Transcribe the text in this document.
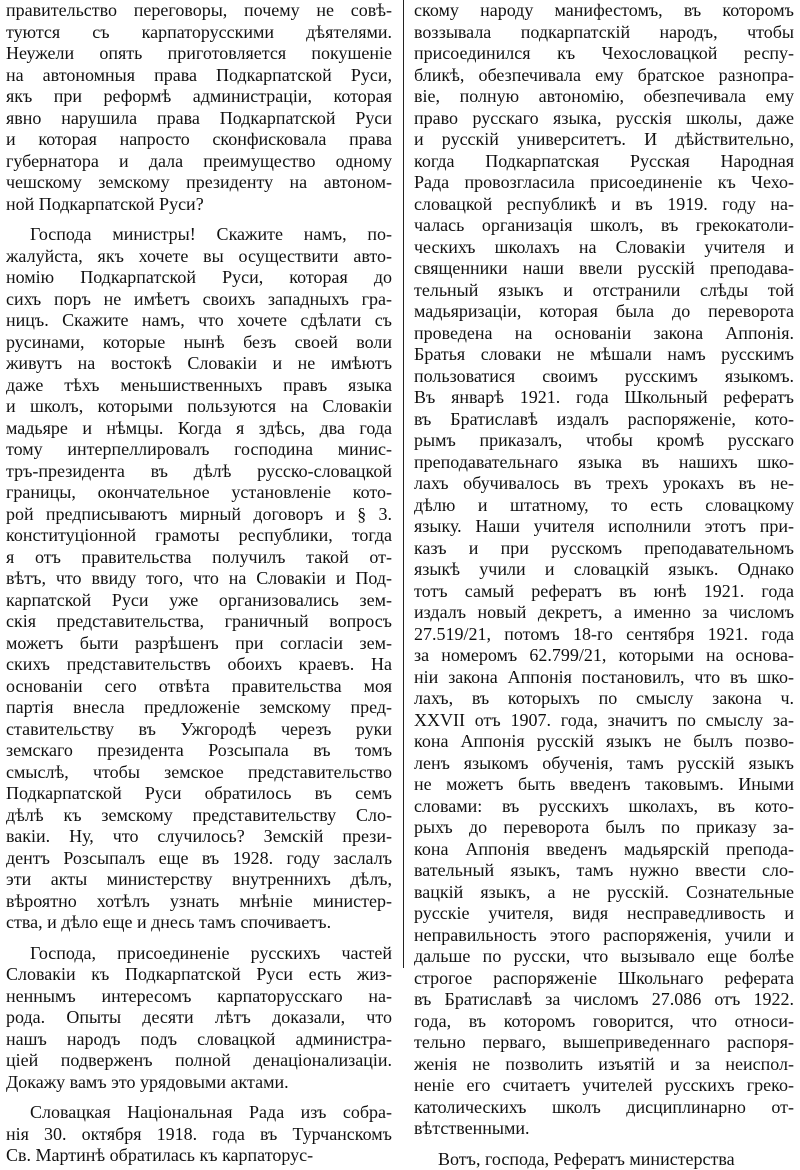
правительство переговоры, почему не совѣ-
туются съ карпаторусскими дѣятелями.
Неужели опять приготовляется покушеніе
на автономныя права Подкарпатской Руси,
якъ при реформѣ администраціи, которая
явно нарушила права Подкарпатской Руси
и которая напросто сконфисковала права
губернатора и дала преимущество одному
чешскому земскому президенту на автоном-
ной Подкарпатской Руси?

Господа министры! Скажите намъ, по-
жалуйста, якъ хочете вы осуществити авто-
номію Подкарпатской Руси, которая до
сихъ поръ не имѣетъ своихъ западныхъ гра-
ницъ. Скажите намъ, что хочете сдѣлати съ
русинами, которые нынѣ безъ своей воли
живутъ на востокѣ Словакіи и не имѣютъ
даже тѣхъ меньшиственныхъ правъ языка
и школъ, которыми пользуются на Словакіи
мадьяре и нѣмцы. Когда я здѣсь, два года
тому интерпеллировалъ господина минис-
тръ-президента въ дѣлѣ русско-словацкой
границы, окончательное установленіе кото-
рой предписываютъ мирный договоръ и § 3.
конституціонной грамоты республики, тогда
я отъ правительства получилъ такой от-
вѣтъ, что ввиду того, что на Словакіи и Под-
карпатской Руси уже организовались зем-
скія представительства, граничный вопросъ
можетъ быти разрѣшенъ при согласіи зем-
скихъ представительствъ обоихъ краевъ. На
основаніи сего отвѣта правительства моя
партія внесла предложеніе земскому пред-
ставительству въ Ужгородѣ черезъ руки
земскаго президента Розсыпала въ томъ
смыслѣ, чтобы земское представительство
Подкарпатской Руси обратилось въ семъ
дѣлѣ къ земскому представительству Сло-
вакіи. Ну, что случилось? Земскій прези-
дентъ Розсыпалъ еще въ 1928. году заслалъ
эти акты министерству внутреннихъ дѣлъ,
вѣроятно хотѣлъ узнать мнѣніе министер-
ства, и дѣло еще и днесь тамъ спочиваетъ.

Господа, присоединеніе русскихъ частей
Словакіи къ Подкарпатской Руси есть жиз-
неннымъ интересомъ карпаторусскаго на-
рода. Опыты десяти лѣтъ доказали, что
нашъ народъ подъ словацкой администра-
ціей подверженъ полной денаціонализаціи.
Докажу вамъ это урядовыми актами.

Словацкая Національная Рада изъ собра-
нія 30. октября 1918. года въ Турчанскомъ
Св. Мартинѣ обратилась къ карпаторус-

скому народу манифестомъ, въ которомъ
воззывала подкарпатскій народъ, чтобы
присоединился къ Чехословацкой респу-
бликѣ, обезпечивала ему братское разнопра-
віе, полную автономію, обезпечивала ему
право русскаго языка, русскія школы, даже
и русскій университетъ. И дѣйствительно,
когда Подкарпатская Русская Народная
Рада провозгласила присоединеніе къ Чехо-
словацкой республикѣ и въ 1919. году на-
чалась организація школъ, въ грекокатоли-
ческихъ школахъ на Словакіи учителя и
священники наши ввели русскій преподава-
тельный языкъ и отстранили слѣды той
мадьяризаціи, которая была до переворота
проведена на основаніи закона Аппонія.
Братья словаки не мѣшали намъ русскимъ
пользоватися своимъ русскимъ языкомъ.
Въ январѣ 1921. года Школьный рефератъ
въ Братиславѣ издалъ распоряженіе, кото-
рымъ приказалъ, чтобы кромѣ русскаго
преподавательнаго языка въ нашихъ шко-
лахъ обучивалось въ трехъ урокахъ въ не-
дѣлю и штатному, то есть словацкому
языку. Наши учителя исполнили этотъ при-
казъ и при русскомъ преподавательномъ
языкѣ учили и словацкій языкъ. Однако
тотъ самый рефератъ въ юнѣ 1921. года
издалъ новый декретъ, а именно за числомъ
27.519/21, потомъ 18-го сентября 1921. года
за номеромъ 62.799/21, которыми на основа-
ніи закона Аппонія постановилъ, что въ шко-
лахъ, въ которыхъ по смыслу закона ч.
XXVII отъ 1907. года, значитъ по смыслу за-
кона Аппонія русскій языкъ не былъ позво-
ленъ языкомъ обученія, тамъ русскій языкъ
не можетъ быть введенъ таковымъ. Иными
словами: въ русскихъ школахъ, въ кото-
рыхъ до переворота былъ по приказу за-
кона Аппонія введенъ мадьярскій препода-
вательный языкъ, тамъ нужно ввести сло-
вацкій языкъ, а не русскій. Сознательные
русскіе учителя, видя несправедливость и
неправильность этого распоряженія, учили и
дальше по русски, что вызывало еще болѣе
строгое распоряженіе Школьнаго реферата
въ Братиславѣ за числомъ 27.086 отъ 1922.
года, въ которомъ говорится, что относи-
тельно перваго, вышеприведеннаго распоря-
женія не позволить изъятій и за неиспол-
неніе его считаетъ учителей русскихъ греко-
католическихъ школъ дисциплинарно от-
вѣтственными.

Вотъ, господа, Рефератъ министерства
